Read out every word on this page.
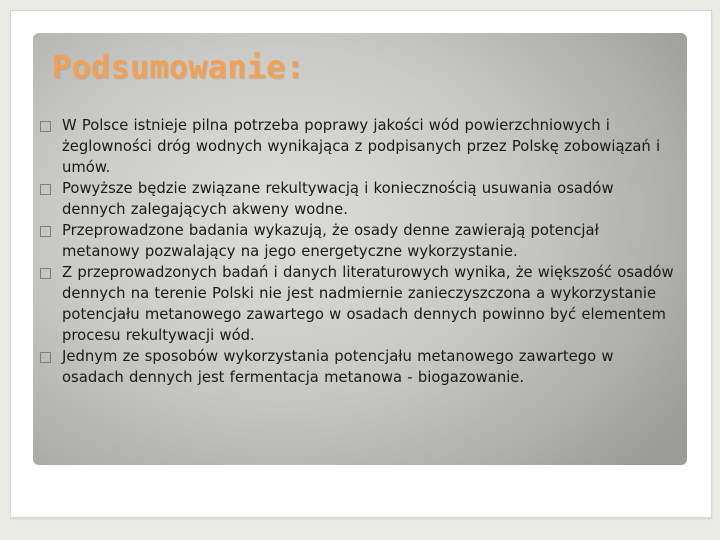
Podsumowanie:
W Polsce istnieje pilna potrzeba poprawy jakości wód powierzchniowych i żeglowności dróg wodnych wynikająca z podpisanych przez Polskę zobowiązań i umów.
Powyższe będzie związane rekultywacją i koniecznością usuwania osadów dennych zalegających akweny wodne.
Przeprowadzone badania wykazują, że osady denne zawierają potencjał metanowy pozwalający na jego energetyczne wykorzystanie.
Z przeprowadzonych badań i danych literaturowych wynika, że większość osadów dennych na terenie Polski nie jest nadmiernie zanieczyszczona a wykorzystanie potencjału metanowego zawartego w osadach dennych powinno być elementem procesu rekultywacji wód.
Jednym ze sposobów wykorzystania potencjału metanowego zawartego w osadach dennych jest fermentacja metanowa - biogazowanie.
